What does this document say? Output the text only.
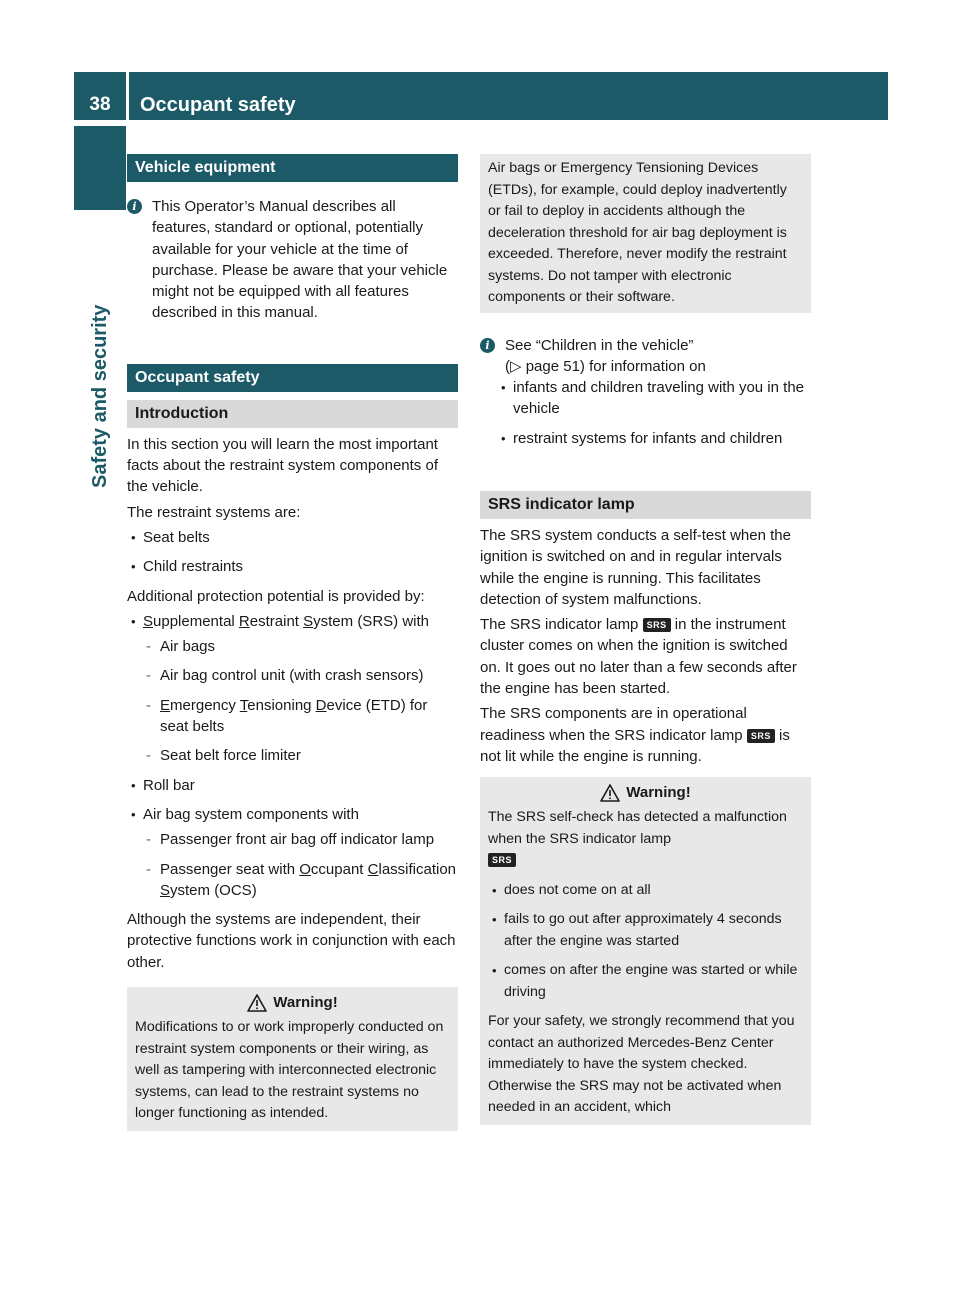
38	Occupant safety
Safety and security
Vehicle equipment
i	This Operator’s Manual describes all features, standard or optional, potentially available for your vehicle at the time of purchase. Please be aware that your vehicle might not be equipped with all features described in this manual.
Occupant safety
Introduction

In this section you will learn the most important facts about the restraint system components of the vehicle.

The restraint systems are:

• Seat belts
• Child restraints

Additional protection potential is provided by:

• Supplemental Restraint System (SRS) with
- Air bags
- Air bag control unit (with crash sensors)
- Emergency Tensioning Device (ETD) for seat belts
- Seat belt force limiter
• Roll bar
• Air bag system components with
- Passenger front air bag off indicator lamp
- Passenger seat with Occupant Classification System (OCS)

Although the systems are independent, their protective functions work in conjunction with each other.

Warning!

Modifications to or work improperly conducted on restraint system components or their wiring, as well as tampering with interconnected electronic systems, can lead to the restraint systems no longer functioning as intended.

Air bags or Emergency Tensioning Devices (ETDs), for example, could deploy inadvertently or fail to deploy in accidents although the deceleration threshold for air bag deployment is exceeded. Therefore, never modify the restraint systems. Do not tamper with electronic components or their software.

i	See “Children in the vehicle”
(▷ page 51) for information on
• infants and children traveling with you in the vehicle
• restraint systems for infants and children
SRS indicator lamp

The SRS system conducts a self-test when the ignition is switched on and in regular intervals while the engine is running. This facilitates detection of system malfunctions.

The SRS indicator lamp SRS in the instrument cluster comes on when the ignition is switched on. It goes out no later than a few seconds after the engine has been started.

The SRS components are in operational readiness when the SRS indicator lamp SRS is not lit while the engine is running.

Warning!

The SRS self-check has detected a malfunction when the SRS indicator lamp

SRS

• does not come on at all
• fails to go out after approximately 4 seconds after the engine was started
• comes on after the engine was started or while driving

For your safety, we strongly recommend that you contact an authorized Mercedes-Benz Center immediately to have the system checked. Otherwise the SRS may not be activated when needed in an accident, which
